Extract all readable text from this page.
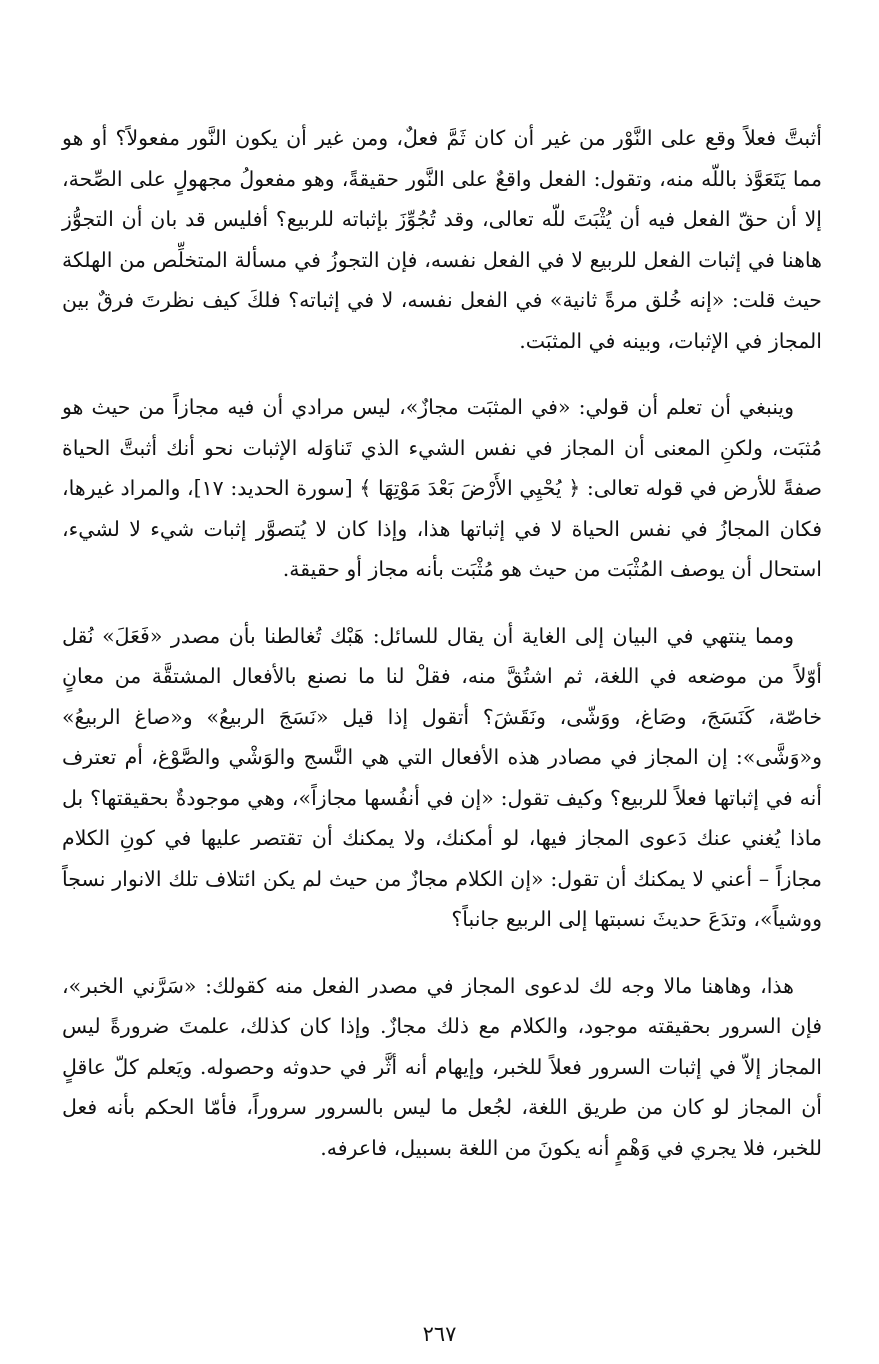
أثبتَّ فعلاً وقع على النَّوْر من غير أن كان ثَمَّ فعلٌ، ومن غير أن يكون النَّور مفعولاً؟ أو هو مما يَتَعَوَّذ باللّه منه، وتقول: الفعل واقعٌ على النَّور حقيقةً، وهو مفعولُ مجهولٍ على الصِّحة، إلا أن حقّ الفعل فيه أن يُثْبَتَ للّه تعالى، وقد تُجُوِّزَ بإثباته للربيع؟ أفليس قد بان أن التجوُّز هاهنا في إثبات الفعل للربيع لا في الفعل نفسه، فإن التجوزُ في مسألة المتخلِّص من الهلكة حيث قلت: «إنه خُلق مرةً ثانية» في الفعل نفسه، لا في إثباته؟ فلكَ كيف نظرتَ فرقٌ بين المجاز في الإثبات، وبينه في المثبَت.

وينبغي أن تعلم أن قولي: «في المثبَت مجازٌ»، ليس مرادي أن فيه مجازاً من حيث هو مُثبَت، ولكنِ المعنى أن المجاز في نفس الشيء الذي تَناوَله الإثبات نحو أنك أثبتَّ الحياة صفةً للأرض في قوله تعالى: ﴿ يُحْيِي الأَرْضَ بَعْدَ مَوْتِهَا ﴾ [سورة الحديد: ١٧]، والمراد غيرها، فكان المجازُ في نفس الحياة لا في إثباتها هذا، وإذا كان لا يُتصوَّر إثبات شيء لا لشيء، استحال أن يوصف المُثْبَت من حيث هو مُثْبَت بأنه مجاز أو حقيقة.

ومما ينتهي في البيان إلى الغاية أن يقال للسائل: هَبْك تُغالطنا بأن مصدر «فَعَلَ» نُقل أوّلاً من موضعه في اللغة، ثم اشتُقَّ منه، فقلْ لنا ما نصنع بالأفعال المشتقَّة من معانٍ خاصّة، كَنَسَجَ، وصَاغ، ووَشّى، ونَقَشَ؟ أتقول إذا قيل «نَسَجَ الربيعُ» و«صاغ الربيعُ» و«وَشَّى»: إن المجاز في مصادر هذه الأفعال التي هي النَّسج والوَشْي والصَّوْغ، أم تعترف أنه في إثباتها فعلاً للربيع؟ وكيف تقول: «إن في أنفُسها مجازاً»، وهي موجودةٌ بحقيقتها؟ بل ماذا يُغني عنك دَعوى المجاز فيها، لو أمكنك، ولا يمكنك أن تقتصر عليها في كونِ الكلام مجازاً – أعني لا يمكنك أن تقول: «إن الكلام مجازٌ من حيث لم يكن ائتلاف تلك الانوار نسجاً ووشياً»، وتدَعَ حديثَ نسبتها إلى الربيع جانباً؟

هذا، وهاهنا مالا وجه لك لدعوى المجاز في مصدر الفعل منه كقولك: «سَرَّني الخبر»، فإن السرور بحقيقته موجود، والكلام مع ذلك مجازٌ. وإذا كان كذلك، علمتَ ضرورةً ليس المجاز إلاّ في إثبات السرور فعلاً للخبر، وإيهام أنه أثَّر في حدوثه وحصوله. ويَعلم كلّ عاقلٍ أن المجاز لو كان من طريق اللغة، لجُعل ما ليس بالسرور سروراً، فأمّا الحكم بأنه فعل للخبر، فلا يجري في وَهْمٍ أنه يكونَ من اللغة بسبيل، فاعرفه.

٢٦٧
